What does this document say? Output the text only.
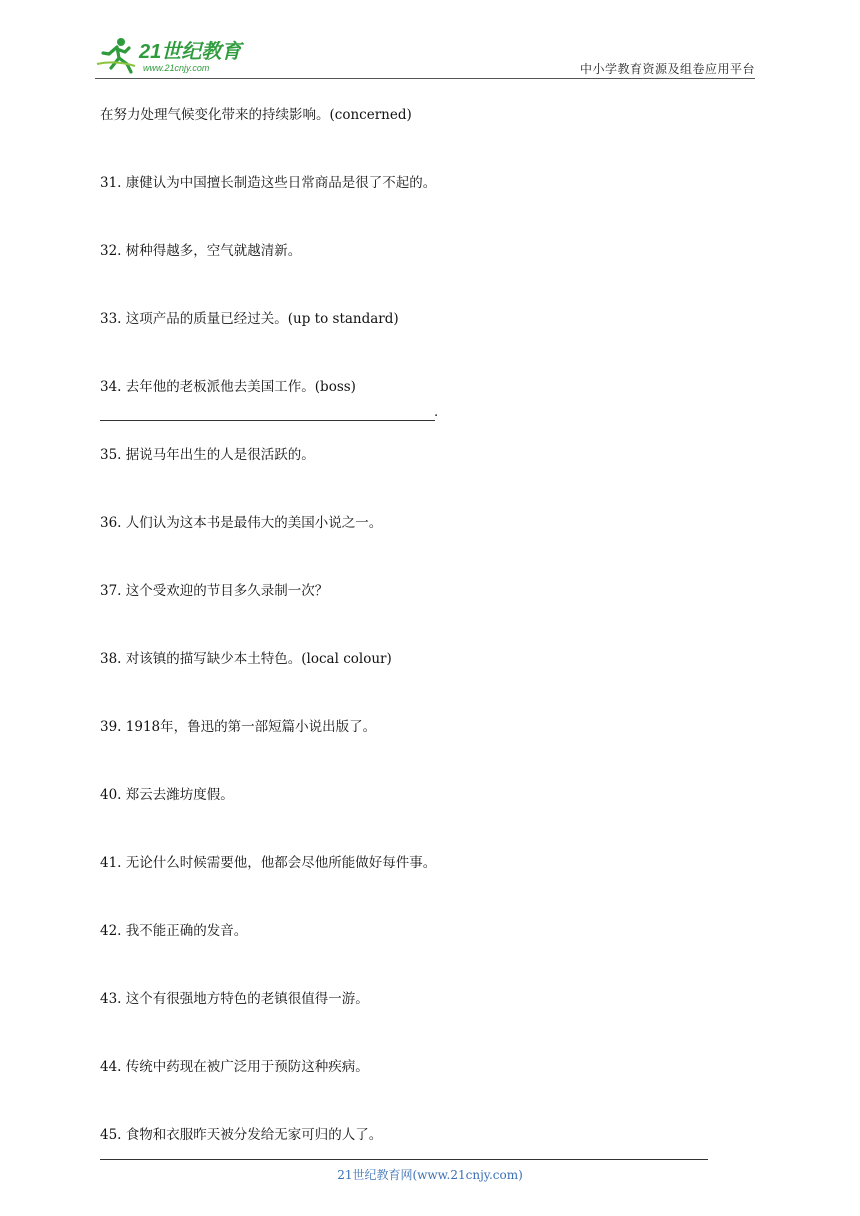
21世纪教育
www.21cnjy.com	中小学教育资源及组卷应用平台
在努力处理气候变化带来的持续影响。(concerned)
31. 康健认为中国擅长制造这些日常商品是很了不起的。
32. 树种得越多，空气就越清新。
33. 这项产品的质量已经过关。(up to standard)
34. 去年他的老板派他去美国工作。(boss)
.
35. 据说马年出生的人是很活跃的。
36. 人们认为这本书是最伟大的美国小说之一。
37. 这个受欢迎的节目多久录制一次？
38. 对该镇的描写缺少本土特色。(local colour)
39. 1918年，鲁迅的第一部短篇小说出版了。
40. 郑云去潍坊度假。
41. 无论什么时候需要他，他都会尽他所能做好每件事。
42. 我不能正确的发音。
43. 这个有很强地方特色的老镇很值得一游。
44. 传统中药现在被广泛用于预防这种疾病。
45. 食物和衣服昨天被分发给无家可归的人了。
21世纪教育网(www.21cnjy.com)
